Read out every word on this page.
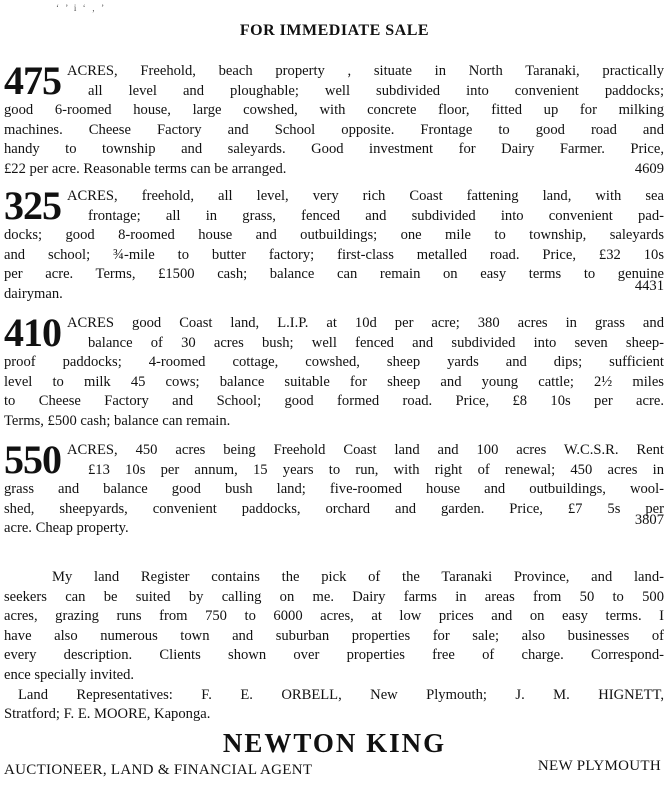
‘ ’ i ‘ ‚ ’
FOR IMMEDIATE SALE
475 ACRES, Freehold, beach property , situate in North Taranaki, practically
all level and ploughable; well subdivided into convenient paddocks;
good 6-roomed house, large cowshed, with concrete floor, fitted up for milking
machines. Cheese Factory and School opposite. Frontage to good road and
handy to township and saleyards. Good investment for Dairy Farmer. Price,
£22 per acre. Reasonable terms can be arranged.	4609
325 ACRES, freehold, all level, very rich Coast fattening land, with sea
frontage; all in grass, fenced and subdivided into convenient pad-
docks; good 8-roomed house and outbuildings; one mile to township, saleyards
and school; ¾-mile to butter factory; first-class metalled road. Price, £32 10s
per acre. Terms, £1500 cash; balance can remain on easy terms to genuine
dairyman.	4431
410 ACRES good Coast land, L.I.P. at 10d per acre; 380 acres in grass and
balance of 30 acres bush; well fenced and subdivided into seven sheep-
proof paddocks; 4-roomed cottage, cowshed, sheep yards and dips; sufficient
level to milk 45 cows; balance suitable for sheep and young cattle; 2½ miles
to Cheese Factory and School; good formed road. Price, £8 10s per acre.
Terms, £500 cash; balance can remain.
550 ACRES, 450 acres being Freehold Coast land and 100 acres W.C.S.R. Rent
£13 10s per annum, 15 years to run, with right of renewal; 450 acres in
grass and balance good bush land; five-roomed house and outbuildings, wool-
shed, sheepyards, convenient paddocks, orchard and garden. Price, £7 5s per
acre. Cheap property.	3807
My land Register contains the pick of the Taranaki Province, and land-
seekers can be suited by calling on me. Dairy farms in areas from 50 to 500
acres, grazing runs from 750 to 6000 acres, at low prices and on easy terms. I
have also numerous town and suburban properties for sale; also businesses of
every description. Clients shown over properties free of charge. Correspond-
ence specially invited.
Land Representatives: F. E. ORBELL, New Plymouth; J. M. HIGNETT,
Stratford; F. E. MOORE, Kaponga.
NEWTON KING
AUCTIONEER, LAND & FINANCIAL AGENT	NEW PLYMOUTH
